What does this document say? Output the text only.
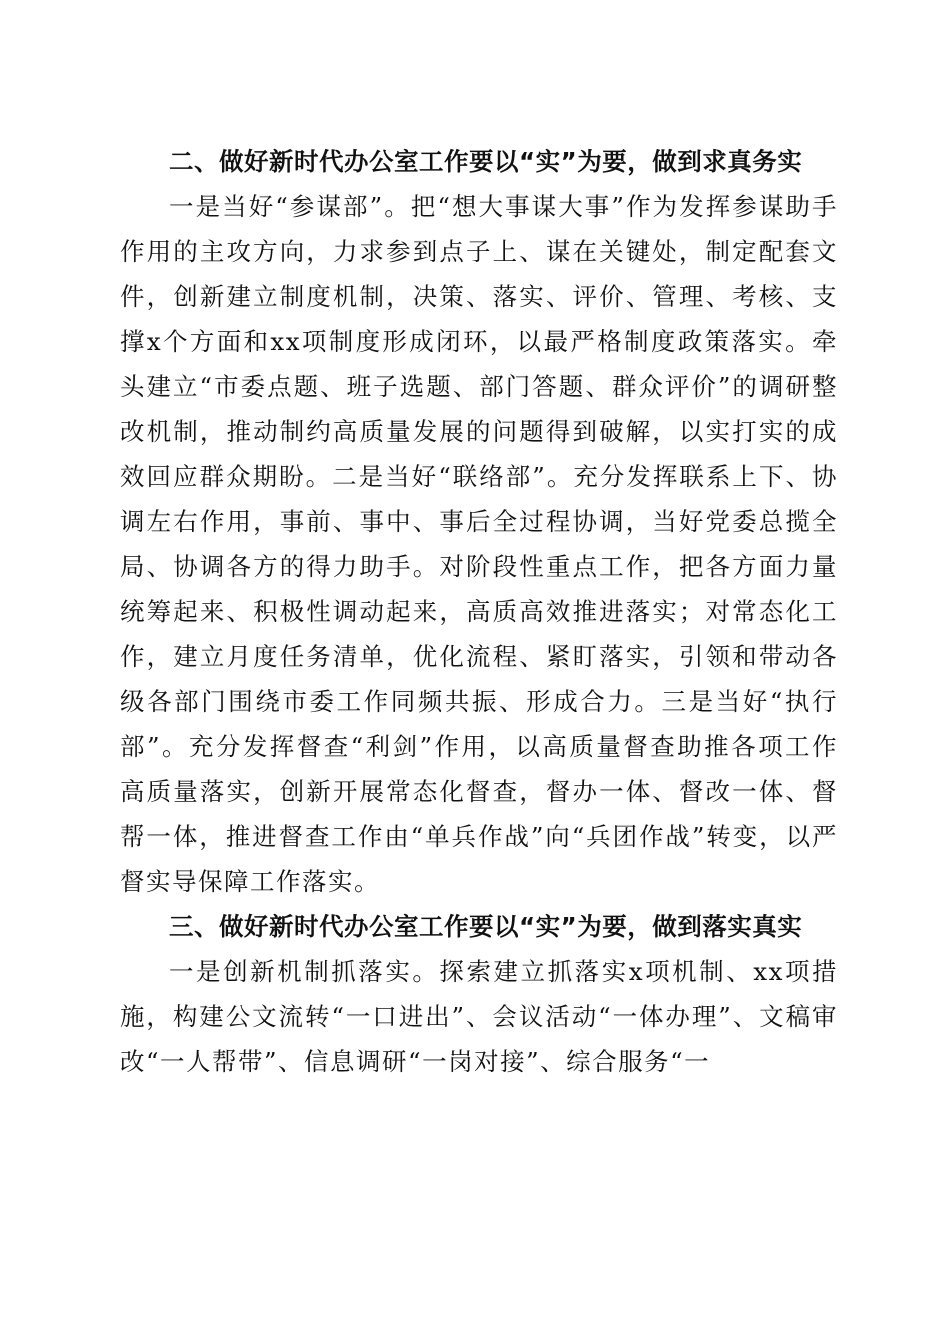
二、做好新时代办公室工作要以“实”为要，做到求真务实

一是当好“参谋部”。把“想大事谋大事”作为发挥参谋助手作用的主攻方向，力求参到点子上、谋在关键处，制定配套文件，创新建立制度机制，决策、落实、评价、管理、考核、支撑x个方面和xx项制度形成闭环，以最严格制度政策落实。牵头建立“市委点题、班子选题、部门答题、群众评价”的调研整改机制，推动制约高质量发展的问题得到破解，以实打实的成效回应群众期盼。二是当好“联络部”。充分发挥联系上下、协调左右作用，事前、事中、事后全过程协调，当好党委总揽全局、协调各方的得力助手。对阶段性重点工作，把各方面力量统筹起来、积极性调动起来，高质高效推进落实；对常态化工作，建立月度任务清单，优化流程、紧盯落实，引领和带动各级各部门围绕市委工作同频共振、形成合力。三是当好“执行部”。充分发挥督查“利剑”作用，以高质量督查助推各项工作高质量落实，创新开展常态化督查，督办一体、督改一体、督帮一体，推进督查工作由“单兵作战”向“兵团作战”转变，以严督实导保障工作落实。

三、做好新时代办公室工作要以“实”为要，做到落实真实

一是创新机制抓落实。探索建立抓落实x项机制、xx项措施，构建公文流转“一口进出”、会议活动“一体办理”、文稿审改“一人帮带”、信息调研“一岗对接”、综合服务“一
